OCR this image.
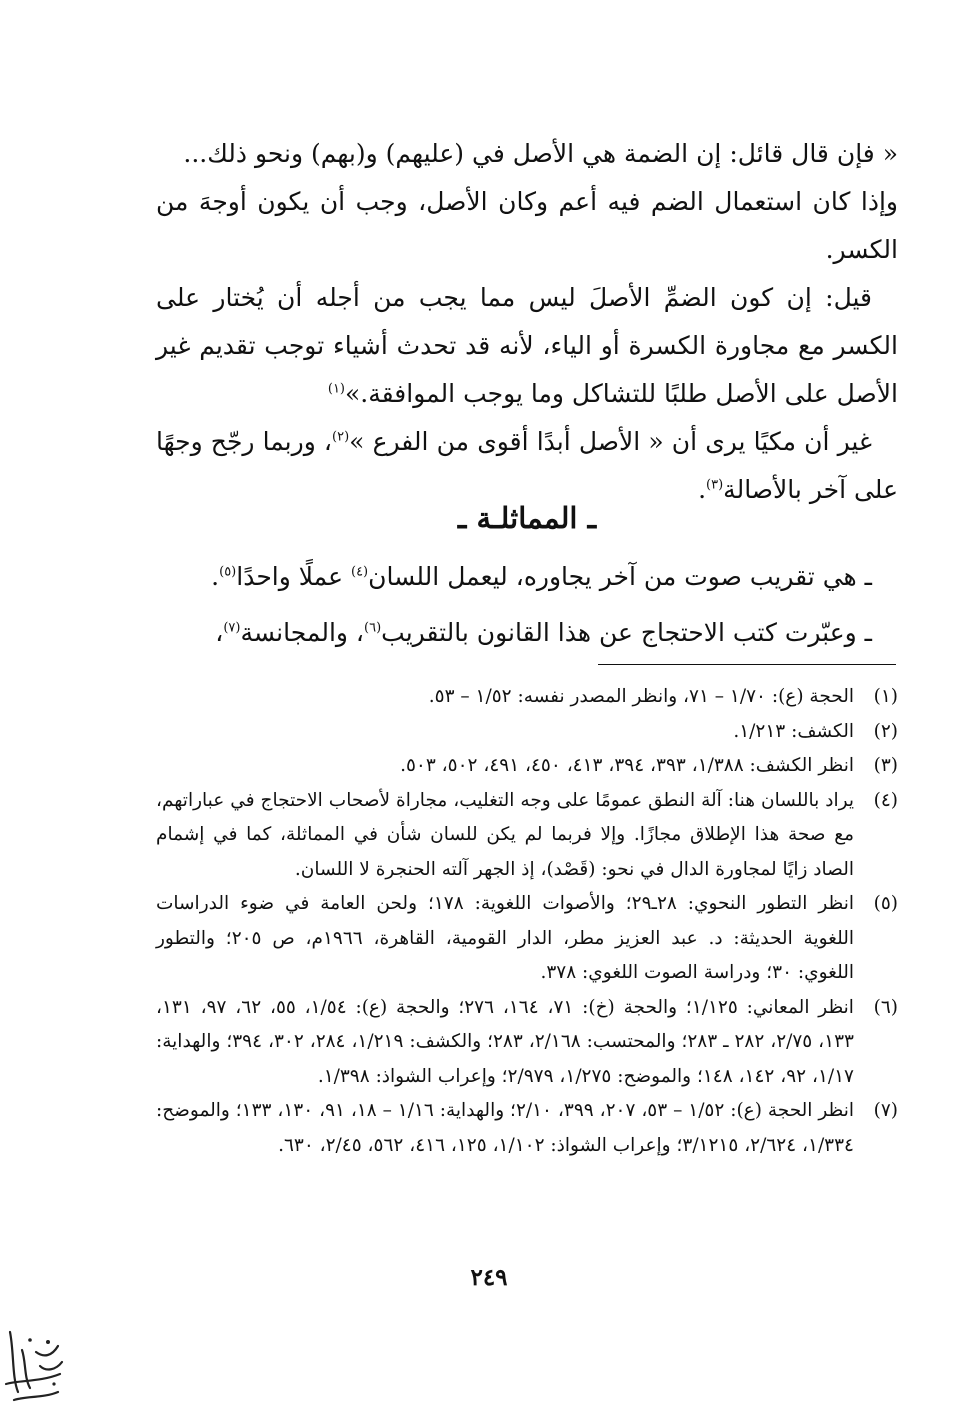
« فإن قال قائل: إن الضمة هي الأصل في (عليهم) و(بهم) ونحو ذلك...
وإذا كان استعمال الضم فيه أعم وكان الأصل، وجب أن يكون أوجهَ من الكسر.

قيل: إن كون الضمِّ الأصلَ ليس مما يجب من أجله أن يُختار على الكسر مع مجاورة الكسرة أو الياء، لأنه قد تحدث أشياء توجب تقديم غير الأصل على الأصل طلبًا للتشاكل وما يوجب الموافقة.»$^{(١)}$

غير أن مكيًا يرى أن « الأصل أبدًا أقوى من الفرع »$^{(٢)}$، وربما رجّح وجهًا على آخر بالأصالة$^{(٣)}$.

ـ المماثلـة ـ

ـ هي تقريب صوت من آخر يجاوره، ليعمل اللسان$^{(٤)}$ عملًا واحدًا$^{(٥)}$.

ـ وعبّرت كتب الاحتجاج عن هذا القانون بالتقريب$^{(٦)}$، والمجانسة$^{(٧)}$،

(١)
الحجة (ع): ١/٧٠ – ٧١، وانظر المصدر نفسه: ١/٥٢ – ٥٣.
(٢)
الكشف: ١/٢١٣.
(٣)
انظر الكشف: ١/٣٨٨، ٣٩٣، ٣٩٤، ٤١٣، ٤٥٠، ٤٩١، ٥٠٢، ٥٠٣.
(٤)
يراد باللسان هنا: آلة النطق عمومًا على وجه التغليب، مجاراة لأصحاب الاحتجاج في عباراتهم، مع صحة هذا الإطلاق مجازًا. وإلا فربما لم يكن للسان شأن في المماثلة، كما في إشمام الصاد زايًا لمجاورة الدال في نحو: (قَصْد)، إذ الجهر آلته الحنجرة لا اللسان.
(٥)
انظر التطور النحوي: ٢٨ـ٢٩؛ والأصوات اللغوية: ١٧٨؛ ولحن العامة في ضوء الدراسات اللغوية الحديثة: د. عبد العزيز مطر، الدار القومية، القاهرة، ١٩٦٦م، ص ٢٠٥؛ والتطور اللغوي: ٣٠؛ ودراسة الصوت اللغوي: ٣٧٨.
(٦)
انظر المعاني: ١/١٢٥؛ والحجة (خ): ٧١، ١٦٤، ٢٧٦؛ والحجة (ع): ١/٥٤، ٥٥، ٦٢، ٩٧، ١٣١، ١٣٣، ٢/٧٥، ٢٨٢ ـ ٢٨٣؛ والمحتسب: ٢/١٦٨، ٢٨٣؛ والكشف: ١/٢١٩، ٢٨٤، ٣٠٢، ٣٩٤؛ والهداية: ١/١٧، ٩٢، ١٤٢، ١٤٨؛ والموضح: ١/٢٧٥، ٢/٩٧٩؛ وإعراب الشواذ: ١/٣٩٨.
(٧)
انظر الحجة (ع): ١/٥٢ – ٥٣، ٢٠٧، ٣٩٩، ٢/١٠؛ والهداية: ١/١٦ – ١٨، ٩١، ١٣٠، ١٣٣؛ والموضح: ١/٣٣٤، ٢/٦٢٤، ٣/١٢١٥؛ وإعراب الشواذ: ١/١٠٢، ١٢٥، ٤١٦، ٥٦٢، ٢/٤٥، ٦٣٠.
٢٤٩
